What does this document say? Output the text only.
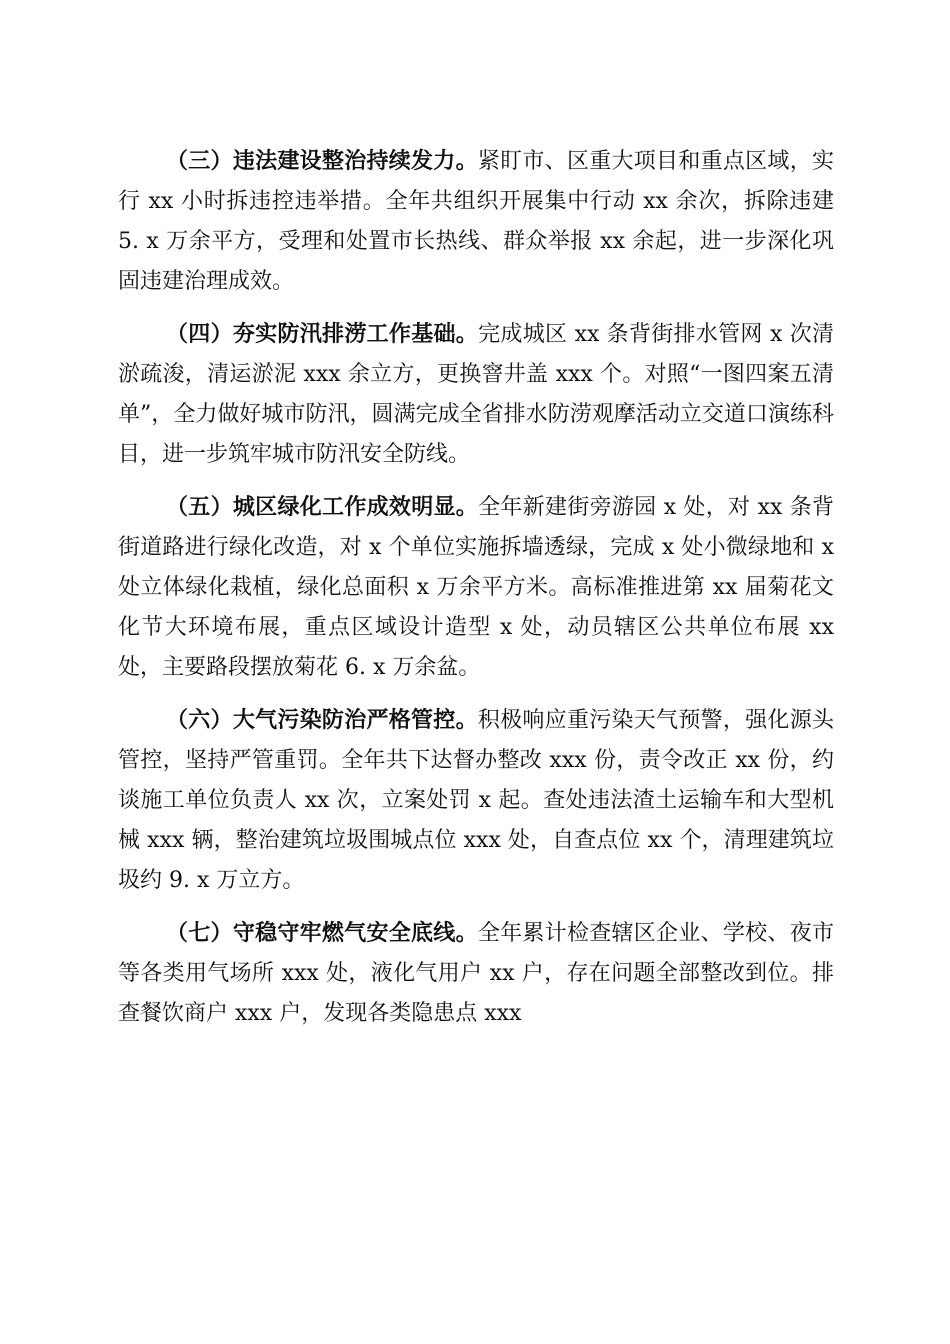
（三）违法建设整治持续发力。紧盯市、区重大项目和重点区域，实行 xx 小时拆违控违举措。全年共组织开展集中行动 xx 余次，拆除违建 5. x 万余平方，受理和处置市长热线、群众举报 xx 余起，进一步深化巩固违建治理成效。

（四）夯实防汛排涝工作基础。完成城区 xx 条背街排水管网 x 次清淤疏浚，清运淤泥 xxx 余立方，更换窨井盖 xxx 个。对照“一图四案五清单”，全力做好城市防汛，圆满完成全省排水防涝观摩活动立交道口演练科目，进一步筑牢城市防汛安全防线。

（五）城区绿化工作成效明显。全年新建街旁游园 x 处，对 xx 条背街道路进行绿化改造，对 x 个单位实施拆墙透绿，完成 x 处小微绿地和 x 处立体绿化栽植，绿化总面积 x 万余平方米。高标准推进第 xx 届菊花文化节大环境布展，重点区域设计造型 x 处，动员辖区公共单位布展 xx 处，主要路段摆放菊花 6. x 万余盆。

（六）大气污染防治严格管控。积极响应重污染天气预警，强化源头管控，坚持严管重罚。全年共下达督办整改 xxx 份，责令改正 xx 份，约谈施工单位负责人 xx 次，立案处罚 x 起。查处违法渣土运输车和大型机械 xxx 辆，整治建筑垃圾围城点位 xxx 处，自查点位 xx 个，清理建筑垃圾约 9. x 万立方。

（七）守稳守牢燃气安全底线。全年累计检查辖区企业、学校、夜市等各类用气场所 xxx 处，液化气用户 xx 户，存在问题全部整改到位。排查餐饮商户 xxx 户，发现各类隐患点 xxx
